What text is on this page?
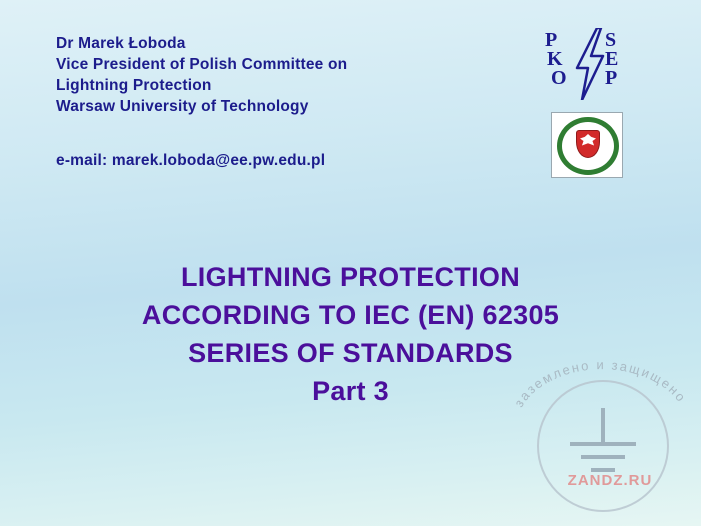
Dr Marek Łoboda
Vice President of Polish Committee on
Lightning Protection
Warsaw University of Technology
e-mail: marek.loboda@ee.pw.edu.pl
P
K
O
S
E
P
LIGHTNING PROTECTION
ACCORDING TO IEC (EN) 62305
SERIES OF STANDARDS
Part 3	заземлено и защищено
ZANDZ.RU
